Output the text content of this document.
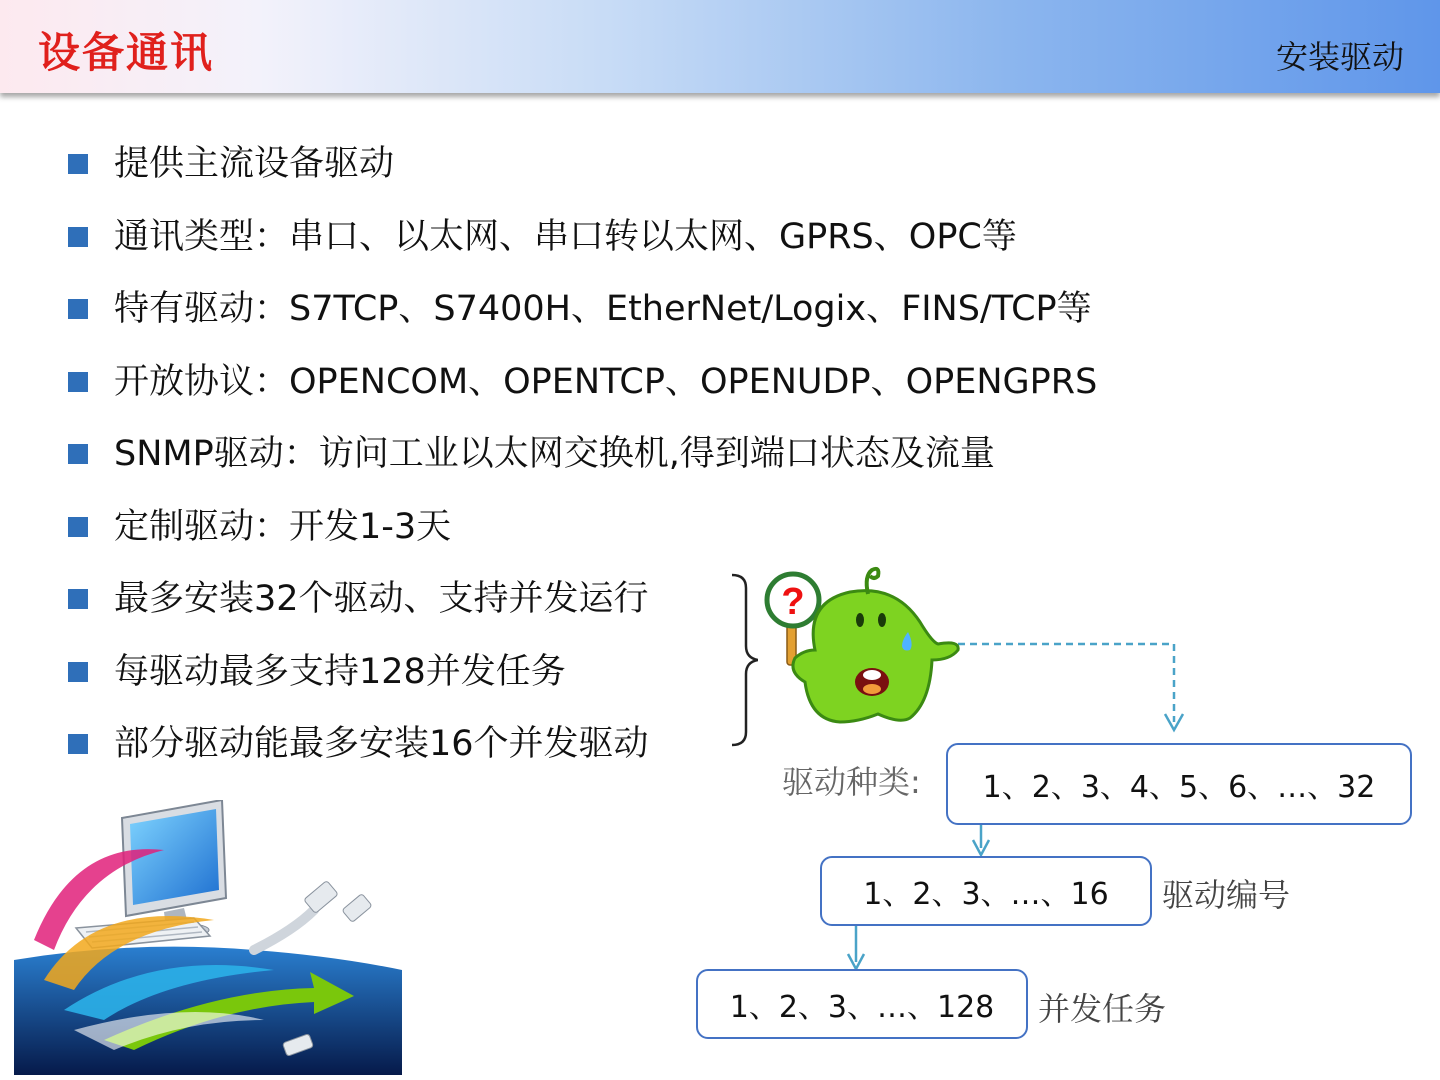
设备通讯	安装驱动
提供主流设备驱动
通讯类型：串口、以太网、串口转以太网、GPRS、OPC等
特有驱动：S7TCP、S7400H、EtherNet/Logix、FINS/TCP等
开放协议：OPENCOM、OPENTCP、OPENUDP、OPENGPRS
SNMP驱动：访问工业以太网交换机,得到端口状态及流量
定制驱动：开发1-3天
最多安装32个驱动、支持并发运行
每驱动最多支持128并发任务
部分驱动能最多安装16个并发驱动
?
驱动种类:	1、2、3、4、5、6、…、32
1、2、3、…、16	驱动编号
1、2、3、…、128	并发任务
